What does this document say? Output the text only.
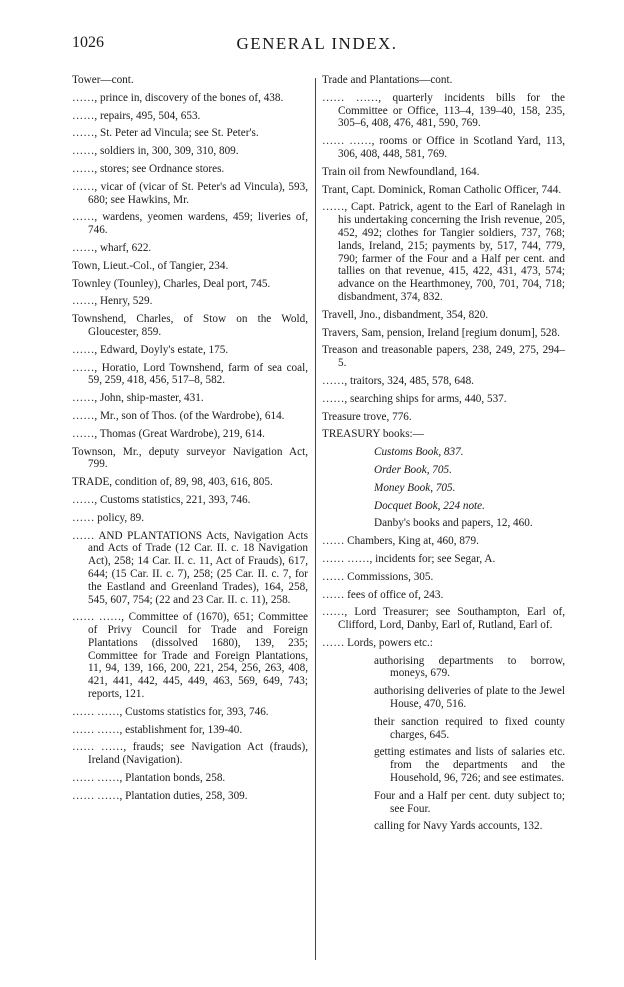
1026	GENERAL INDEX.

Tower—cont.

……, prince in, discovery of the bones of, 438.

……, repairs, 495, 504, 653.

……, St. Peter ad Vincula; see St. Peter's.

……, soldiers in, 300, 309, 310, 809.

……, stores; see Ordnance stores.

……, vicar of (vicar of St. Peter's ad Vincula), 593, 680; see Hawkins, Mr.

……, wardens, yeomen wardens, 459; liveries of, 746.

……, wharf, 622.

Town, Lieut.-Col., of Tangier, 234.

Townley (Tounley), Charles, Deal port, 745.

……, Henry, 529.

Townshend, Charles, of Stow on the Wold, Gloucester, 859.

……, Edward, Doyly's estate, 175.

……, Horatio, Lord Townshend, farm of sea coal, 59, 259, 418, 456, 517–8, 582.

……, John, ship-master, 431.

……, Mr., son of Thos. (of the Wardrobe), 614.

……, Thomas (Great Wardrobe), 219, 614.

Townson, Mr., deputy surveyor Navigation Act, 799.

TRADE, condition of, 89, 98, 403, 616, 805.

……, Customs statistics, 221, 393, 746.

…… policy, 89.

…… AND PLANTATIONS Acts, Navigation Acts and Acts of Trade (12 Car. II. c. 18 Navigation Act), 258; 14 Car. II. c. 11, Act of Frauds), 617, 644; (15 Car. II. c. 7), 258; (25 Car. II. c. 7, for the Eastland and Greenland Trades), 164, 258, 545, 607, 754; (22 and 23 Car. II. c. 11), 258.

…… ……, Committee of (1670), 651; Committee of Privy Council for Trade and Foreign Plantations (dissolved 1680), 139, 235; Committee for Trade and Foreign Plantations, 11, 94, 139, 166, 200, 221, 254, 256, 263, 408, 421, 441, 442, 445, 449, 463, 569, 649, 743; reports, 121.

…… ……, Customs statistics for, 393, 746.

…… ……, establishment for, 139-40.

…… ……, frauds; see Navigation Act (frauds), Ireland (Navigation).

…… ……, Plantation bonds, 258.

…… ……, Plantation duties, 258, 309.

Trade and Plantations—cont.

…… ……, quarterly incidents bills for the Committee or Office, 113–4, 139–40, 158, 235, 305–6, 408, 476, 481, 590, 769.

…… ……, rooms or Office in Scotland Yard, 113, 306, 408, 448, 581, 769.

Train oil from Newfoundland, 164.

Trant, Capt. Dominick, Roman Catholic Officer, 744.

……, Capt. Patrick, agent to the Earl of Ranelagh in his undertaking concerning the Irish revenue, 205, 452, 492; clothes for Tangier soldiers, 737, 768; lands, Ireland, 215; payments by, 517, 744, 779, 790; farmer of the Four and a Half per cent. and tallies on that revenue, 415, 422, 431, 473, 574; advance on the Hearthmoney, 700, 701, 704, 718; disbandment, 374, 832.

Travell, Jno., disbandment, 354, 820.

Travers, Sam, pension, Ireland [regium donum], 528.

Treason and treasonable papers, 238, 249, 275, 294–5.

……, traitors, 324, 485, 578, 648.

……, searching ships for arms, 440, 537.

Treasure trove, 776.

TREASURY books:—

Customs Book, 837.

Order Book, 705.

Money Book, 705.

Docquet Book, 224 note.

Danby's books and papers, 12, 460.

…… Chambers, King at, 460, 879.

…… ……, incidents for; see Segar, A.

…… Commissions, 305.

…… fees of office of, 243.

……, Lord Treasurer; see Southampton, Earl of, Clifford, Lord, Danby, Earl of, Rutland, Earl of.

…… Lords, powers etc.:

authorising departments to borrow, moneys, 679.

authorising deliveries of plate to the Jewel House, 470, 516.

their sanction required to fixed county charges, 645.

getting estimates and lists of salaries etc. from the departments and the Household, 96, 726; and see estimates.

Four and a Half per cent. duty subject to; see Four.

calling for Navy Yards accounts, 132.
